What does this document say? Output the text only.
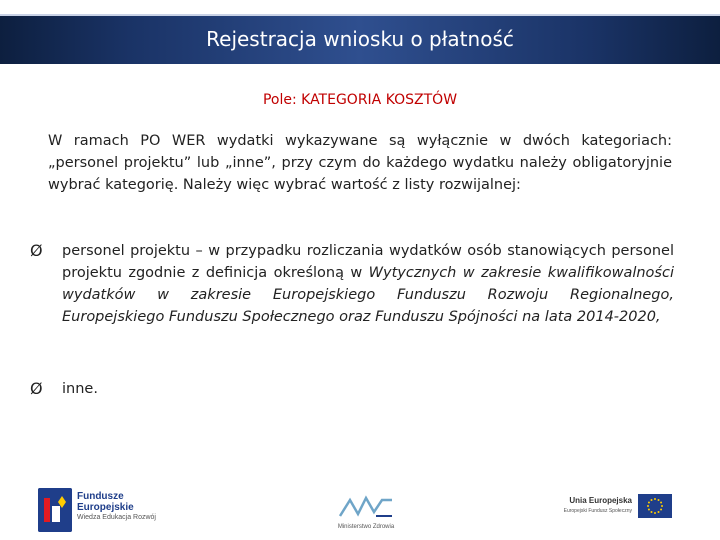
Rejestracja wniosku o płatność
Pole: KATEGORIA KOSZTÓW

W ramach PO WER wydatki wykazywane są wyłącznie w dwóch kategoriach: „personel projektu” lub „inne”, przy czym do każdego wydatku należy obligatoryjnie wybrać kategorię. Należy więc wybrać wartość z listy rozwijalnej:

Ø	personel projektu – w przypadku rozliczania wydatków osób stanowiących personel projektu zgodnie z definicja określoną w Wytycznych w zakresie kwalifikowalności wydatków w zakresie Europejskiego Funduszu Rozwoju Regionalnego, Europejskiego Funduszu Społecznego oraz Funduszu Spójności na lata 2014-2020,
Ø	inne.
Fundusze
Europejskie
Wiedza Edukacja Rozwój
Ministerstwo Zdrowia
Unia Europejska
Europejski Fundusz Społeczny
